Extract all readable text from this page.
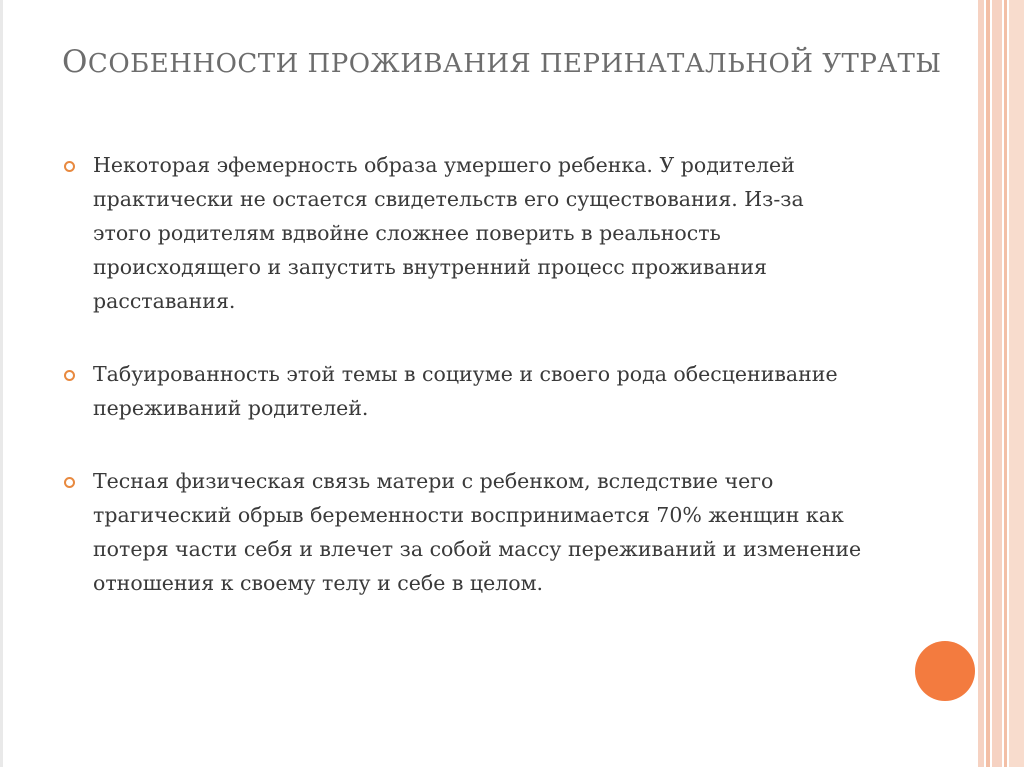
ОСОБЕННОСТИ ПРОЖИВАНИЯ ПЕРИНАТАЛЬНОЙ УТРАТЫ
Некоторая эфемерность образа умершего ребенка. У родителей практически не остается свидетельств его существования. Из-за этого родителям вдвойне сложнее поверить в реальность происходящего и запустить внутренний процесс проживания расставания.
Табуированность этой темы в социуме и своего рода обесценивание переживаний родителей.
Тесная физическая связь матери с ребенком, вследствие чего трагический обрыв беременности воспринимается 70% женщин как потеря части себя и влечет за собой массу переживаний и изменение отношения к своему телу и себе в целом.
